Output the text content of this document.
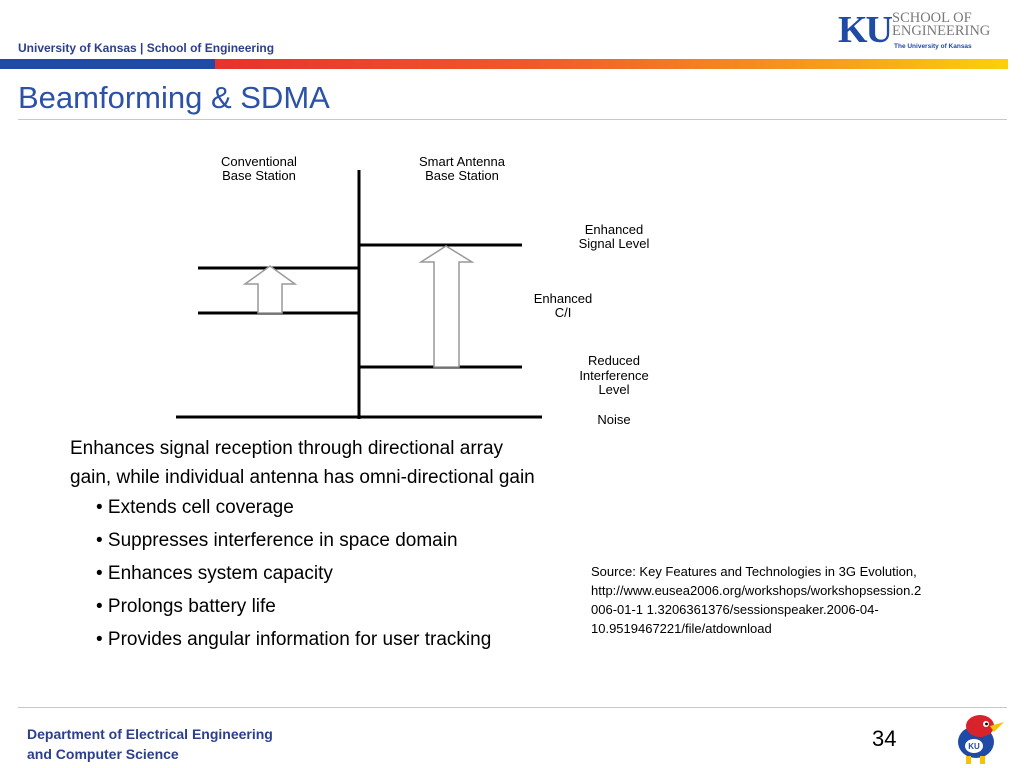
University of Kansas | School of Engineering	KU SCHOOL OF
ENGINEERING
The University of Kansas
Beamforming & SDMA
Conventional
Base Station
Smart Antenna
Base Station
Enhanced
Signal Level
Enhanced
C/I
Reduced
Interference
Level
Noise
Enhances signal reception through directional array
gain, while individual antenna has omni-directional gain
• Extends cell coverage
• Suppresses interference in space domain
• Enhances system capacity
• Prolongs battery life
• Provides angular information for user tracking
Source: Key Features and Technologies in 3G Evolution,
http://www.eusea2006.org/workshops/workshopsession.2
006-01-1 1.3206361376/sessionspeaker.2006-04-
10.9519467221/file/atdownload
Department of Electrical Engineering
and Computer Science
34	KU
